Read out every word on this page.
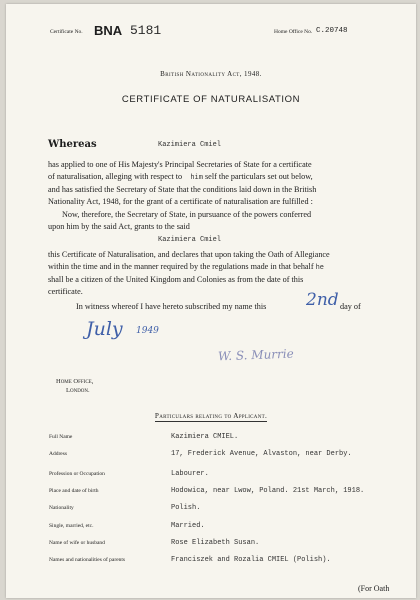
Certificate No. BNA 5181	Home Office No. C.20748
British Nationality Act, 1948.
CERTIFICATE OF NATURALISATION
Whereas	Kazimiera Cmiel
has applied to one of His Majesty's Principal Secretaries of State for a certificate
of naturalisation, alleging with respect to him self the particulars set out below,
and has satisfied the Secretary of State that the conditions laid down in the British
Nationality Act, 1948, for the grant of a certificate of naturalisation are fulfilled :
Now, therefore, the Secretary of State, in pursuance of the powers conferred
upon him by the said Act, grants to the said
Kazimiera Cmiel
this Certificate of Naturalisation, and declares that upon taking the Oath of Allegiance
within the time and in the manner required by the regulations made in that behalf he
shall be a citizen of the United Kingdom and Colonies as from the date of this
certificate.
In witness whereof I have hereto subscribed my name this 2nd day of
July 1949
W. S. Murrie
Home Office,
London.
Particulars relating to Applicant.
Full Name	Kazimiera CMIEL.
Address	17, Frederick Avenue, Alvaston, near Derby.
Profession or Occupation	Labourer.
Place and date of birth	Hodowica, near Lwow, Poland. 21st March, 1918.
Nationality	Polish.
Single, married, etc.	Married.
Name of wife or husband	Rose Elizabeth Susan.
Names and nationalities of parents	Franciszek and Rozalia CMIEL (Polish).
(For Oath
